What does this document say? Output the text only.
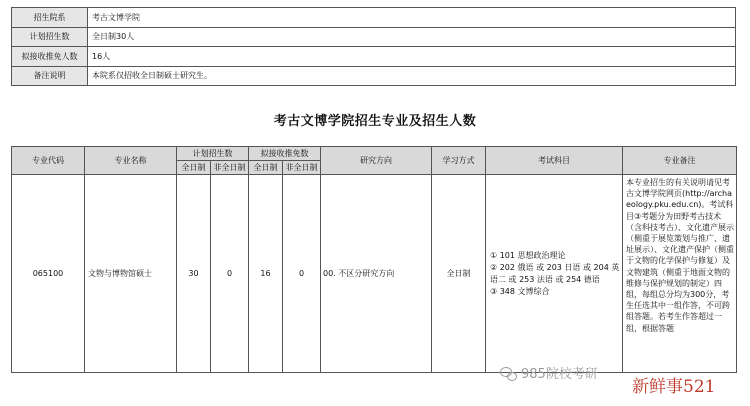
招生院系	考古文博学院
计划招生数	全日制30人
拟接收推免人数	16人
备注说明	本院系仅招收全日制硕士研究生。
考古文博学院招生专业及招生人数
专业代码	专业名称	计划招生数		拟接收推免数		研究方向	学习方式	考试科目	专业备注
		全日制	非全日制	全日制	非全日制				
065100	文物与博物馆硕士	30	0	16	0	00. 不区分研究方向	全日制	① 101 思想政治理论
② 202 俄语 或 203 日语 或 204 英语二 或 253 法语 或 254 德语
③ 348 文博综合	本专业招生的有关说明请见考古文博学院网页(http://archaeology.pku.edu.cn)。考试科目③考题分为田野考古技术（含科技考古）、文化遗产展示（侧重于展览策划与推广、遗址展示）、文化遗产保护（侧重于文物的化学保护与修复）及文物建筑（侧重于地面文物的维修与保护规划的制定）四组，每组总分均为300分，考生任选其中一组作答，不可跨组答题。若考生作答超过一组，根据答题
985院校考研
新鲜事521
